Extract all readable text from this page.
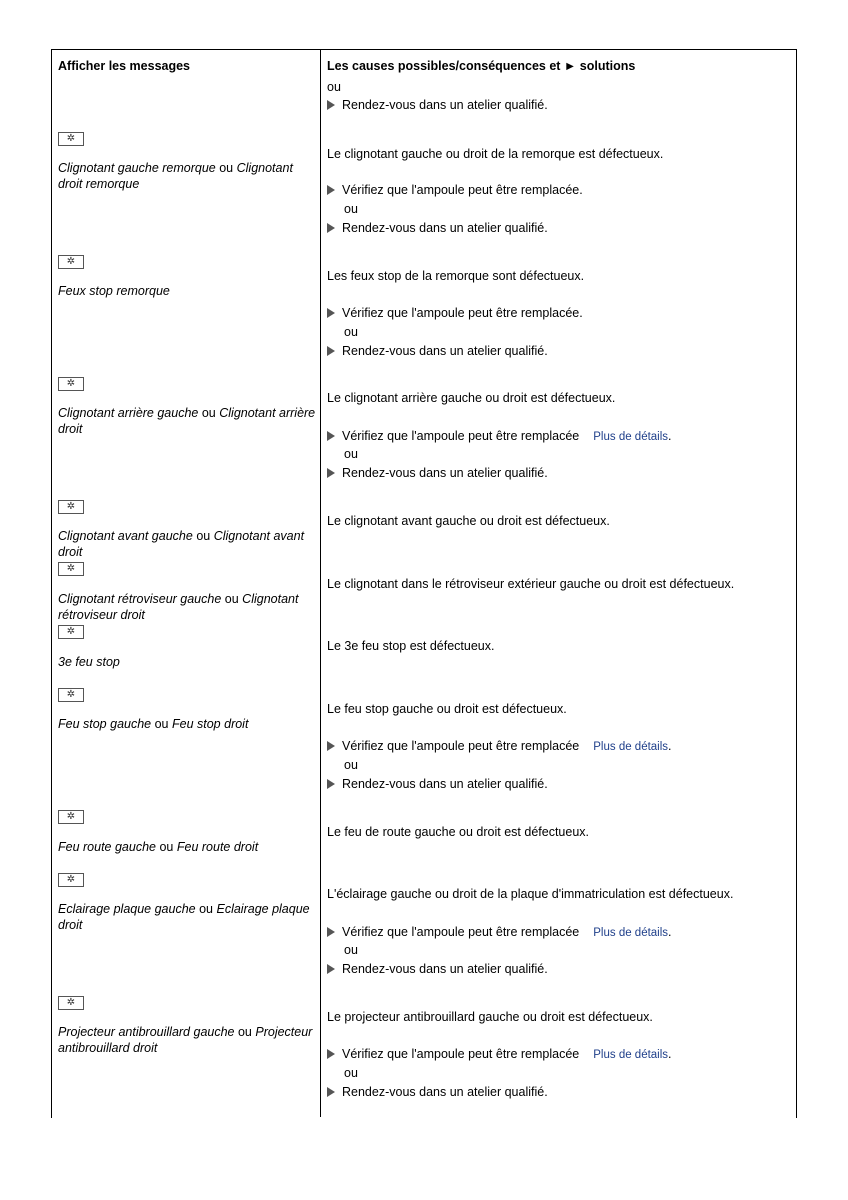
Afficher les messages	Les causes possibles/conséquences et ► solutions
ou
Rendez-vous dans un atelier qualifié.
✲
Clignotant gauche remorque ou Clignotant droit remorque
Le clignotant gauche ou droit de la remorque est défectueux.
Vérifiez que l'ampoule peut être remplacée.
ou
Rendez-vous dans un atelier qualifié.
✲
Feux stop remorque
Les feux stop de la remorque sont défectueux.
Vérifiez que l'ampoule peut être remplacée.
ou
Rendez-vous dans un atelier qualifié.
✲
Clignotant arrière gauche ou Clignotant arrière droit
Le clignotant arrière gauche ou droit est défectueux.
Vérifiez que l'ampoule peut être remplacée Plus de détails.
ou
Rendez-vous dans un atelier qualifié.
✲
Clignotant avant gauche ou Clignotant avant droit
Le clignotant avant gauche ou droit est défectueux.
✲
Clignotant rétroviseur gauche ou Clignotant rétroviseur droit
Le clignotant dans le rétroviseur extérieur gauche ou droit est défectueux.
✲
3e feu stop
Le 3e feu stop est défectueux.
✲
Feu stop gauche ou Feu stop droit
Le feu stop gauche ou droit est défectueux.
Vérifiez que l'ampoule peut être remplacée Plus de détails.
ou
Rendez-vous dans un atelier qualifié.
✲
Feu route gauche ou Feu route droit
Le feu de route gauche ou droit est défectueux.
✲
Eclairage plaque gauche ou Eclairage plaque droit
L'éclairage gauche ou droit de la plaque d'immatriculation est défectueux.
Vérifiez que l'ampoule peut être remplacée Plus de détails.
ou
Rendez-vous dans un atelier qualifié.
✲
Projecteur antibrouillard gauche ou Projecteur antibrouillard droit
Le projecteur antibrouillard gauche ou droit est défectueux.
Vérifiez que l'ampoule peut être remplacée Plus de détails.
ou
Rendez-vous dans un atelier qualifié.
